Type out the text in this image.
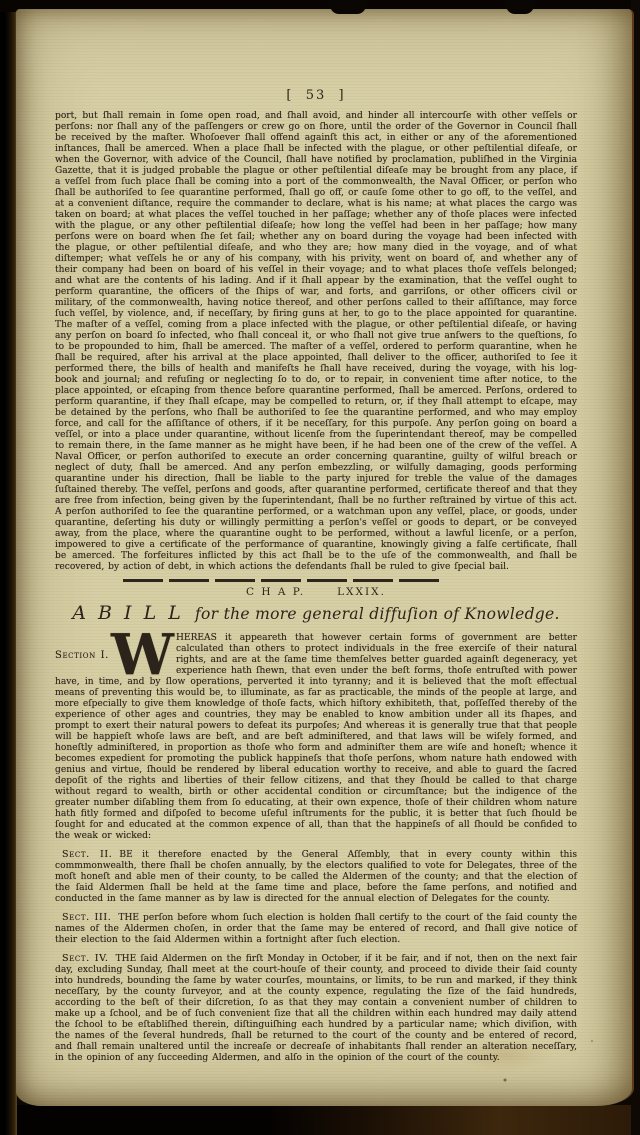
[  53  ]

port, but ſhall remain in ſome open road, and ſhall avoid, and hinder all intercourſe with other veſſels or perſons: nor ſhall any of the paſſengers or crew go on ſhore, until the order of the Governor in Council ſhall be received by the maſter. Whoſoever ſhall offend againſt this act, in either or any of the aforementioned inſtances, ſhall be amerced. When a place ſhall be infected with the plague, or other peſtilential diſeaſe, or when the Governor, with advice of the Council, ſhall have notified by proclamation, publiſhed in the Virginia Gazette, that it is judged probable the plague or other peſtilential diſeaſe may be brought from any place, if a veſſel from ſuch place ſhall be coming into a port of the commonwealth, the Naval Officer, or perſon who ſhall be authoriſed to ſee quarantine performed, ſhall go off, or cauſe ſome other to go off, to the veſſel, and at a convenient diſtance, require the commander to declare, what is his name; at what places the cargo was taken on board; at what places the veſſel touched in her paſſage; whether any of thoſe places were infected with the plague, or any other peſtilential diſeaſe; how long the veſſel had been in her paſſage; how many perſons were on board when ſhe ſet ſail; whether any on board during the voyage had been infected with the plague, or other peſtilential diſeaſe, and who they are; how many died in the voyage, and of what diſtemper; what veſſels he or any of his company, with his privity, went on board of, and whether any of their company had been on board of his veſſel in their voyage; and to what places thoſe veſſels belonged; and what are the contents of his lading. And if it ſhall appear by the examination, that the veſſel ought to perform quarantine, the officers of the ſhips of war, and forts, and garriſons, or other officers civil or military, of the commonwealth, having notice thereof, and other perſons called to their aſſiſtance, may force ſuch veſſel, by violence, and, if neceſſary, by firing guns at her, to go to the place appointed for quarantine. The maſter of a veſſel, coming from a place infected with the plague, or other peſtilential diſeaſe, or having any perſon on board ſo infected, who ſhall conceal it, or who ſhall not give true anſwers to the queſtions, ſo to be propounded to him, ſhall be amerced. The maſter of a veſſel, ordered to perform quarantine, when he ſhall be required, after his arrival at the place appointed, ſhall deliver to the officer, authoriſed to ſee it performed there, the bills of health and manifeſts he ſhall have received, during the voyage, with his log-book and journal; and refuſing or neglecting ſo to do, or to repair, in convenient time after notice, to the place appointed, or eſcaping from thence before quarantine performed, ſhall be amerced. Perſons, ordered to perform quarantine, if they ſhall eſcape, may be compelled to return, or, if they ſhall attempt to eſcape, may be detained by the perſons, who ſhall be authoriſed to ſee the quarantine performed, and who may employ force, and call for the aſſiſtance of others, if it be neceſſary, for this purpoſe. Any perſon going on board a veſſel, or into a place under quarantine, without licenſe from the ſuperintendant thereof, may be compelled to remain there, in the ſame manner as he might have been, if he had been one of the crew of the veſſel. A Naval Officer, or perſon authoriſed to execute an order concerning quarantine, guilty of wilful breach or neglect of duty, ſhall be amerced. And any perſon embezzling, or wilfully damaging, goods performing quarantine under his direction, ſhall be liable to the party injured for treble the value of the damages ſuſtained thereby. The veſſel, perſons and goods, after quarantine performed, certificate thereof and that they are free from infection, being given by the ſuperintendant, ſhall be no further reſtrained by virtue of this act. A perſon authoriſed to ſee the quarantine performed, or a watchman upon any veſſel, place, or goods, under quarantine, deſerting his duty or willingly permitting a perſon's veſſel or goods to depart, or be conveyed away, from the place, where the quarantine ought to be performed, without a lawful licenſe, or a perſon, impowered to give a certificate of the performance of quarantine, knowingly giving a falſe certificate, ſhall be amerced. The forfeitures inflicted by this act ſhall be to the uſe of the commonwealth, and ſhall be recovered, by action of debt, in which actions the defendants ſhall be ruled to give ſpecial bail.

C H A P.      LXXIX.
A B I L L for the more general diffuſion of Knowledge.
Section I. W HEREAS it appeareth that however certain forms of government are better calculated than others to protect individuals in the free exerciſe of their natural rights, and are at the ſame time themſelves better guarded againſt degeneracy, yet experience hath ſhewn, that even under the beſt forms, thoſe entruſted with power have, in time, and by ſlow operations, perverted it into tyranny; and it is believed that the moſt effectual means of preventing this would be, to illuminate, as far as practicable, the minds of the people at large, and more eſpecially to give them knowledge of thoſe facts, which hiſtory exhibiteth, that, poſſeſſed thereby of the experience of other ages and countries, they may be enabled to know ambition under all its ſhapes, and prompt to exert their natural powers to defeat its purpoſes; And whereas it is generally true that that people will be happieſt whoſe laws are beſt, and are beſt adminiſtered, and that laws will be wiſely formed, and honeſtly adminiſtered, in proportion as thoſe who form and adminiſter them are wiſe and honeſt; whence it becomes expedient for promoting the publick happineſs that thoſe perſons, whom nature hath endowed with genius and virtue, ſhould be rendered by liberal education worthy to receive, and able to guard the ſacred depoſit of the rights and liberties of their fellow citizens, and that they ſhould be called to that charge without regard to wealth, birth or other accidental condition or circumſtance; but the indigence of the greater number diſabling them from ſo educating, at their own expence, thoſe of their children whom nature hath fitly formed and diſpoſed to become uſeful inſtruments for the public, it is better that ſuch ſhould be ſought for and educated at the common expence of all, than that the happineſs of all ſhould be confided to the weak or wicked:

Sect. II. BE it therefore enacted by the General Aſſembly, that in every county within this commmonwealth, there ſhall be choſen annually, by the electors qualified to vote for Delegates, three of the moſt honeſt and able men of their county, to be called the Aldermen of the county; and that the election of the ſaid Aldermen ſhall be held at the ſame time and place, before the ſame perſons, and notified and conducted in the ſame manner as by law is directed for the annual election of Delegates for the county.

Sect. III. THE perſon before whom ſuch election is holden ſhall certify to the court of the ſaid county the names of the Aldermen choſen, in order that the ſame may be entered of record, and ſhall give notice of their election to the ſaid Aldermen within a fortnight after ſuch election.

Sect. IV. THE ſaid Aldermen on the firſt Monday in October, if it be fair, and if not, then on the next fair day, excluding Sunday, ſhall meet at the court-houſe of their county, and proceed to divide their ſaid county into hundreds, bounding the ſame by water courſes, mountains, or limits, to be run and marked, if they think neceſſary, by the county ſurveyor, and at the county expence, regulating the ſize of the ſaid hundreds, according to the beſt of their diſcretion, ſo as that they may contain a convenient number of children to make up a ſchool, and be of ſuch convenient ſize that all the children within each hundred may daily attend the ſchool to be eſtabliſhed therein, diſtinguiſhing each hundred by a particular name; which diviſion, with the names of the ſeveral hundreds, ſhall be returned to the court of the county and be entered of record, and ſhall remain unaltered until the increaſe or decreaſe of inhabitants ſhall render an alteration neceſſary, in the opinion of any ſucceeding Aldermen, and alſo in the opinion of the court of the county.
